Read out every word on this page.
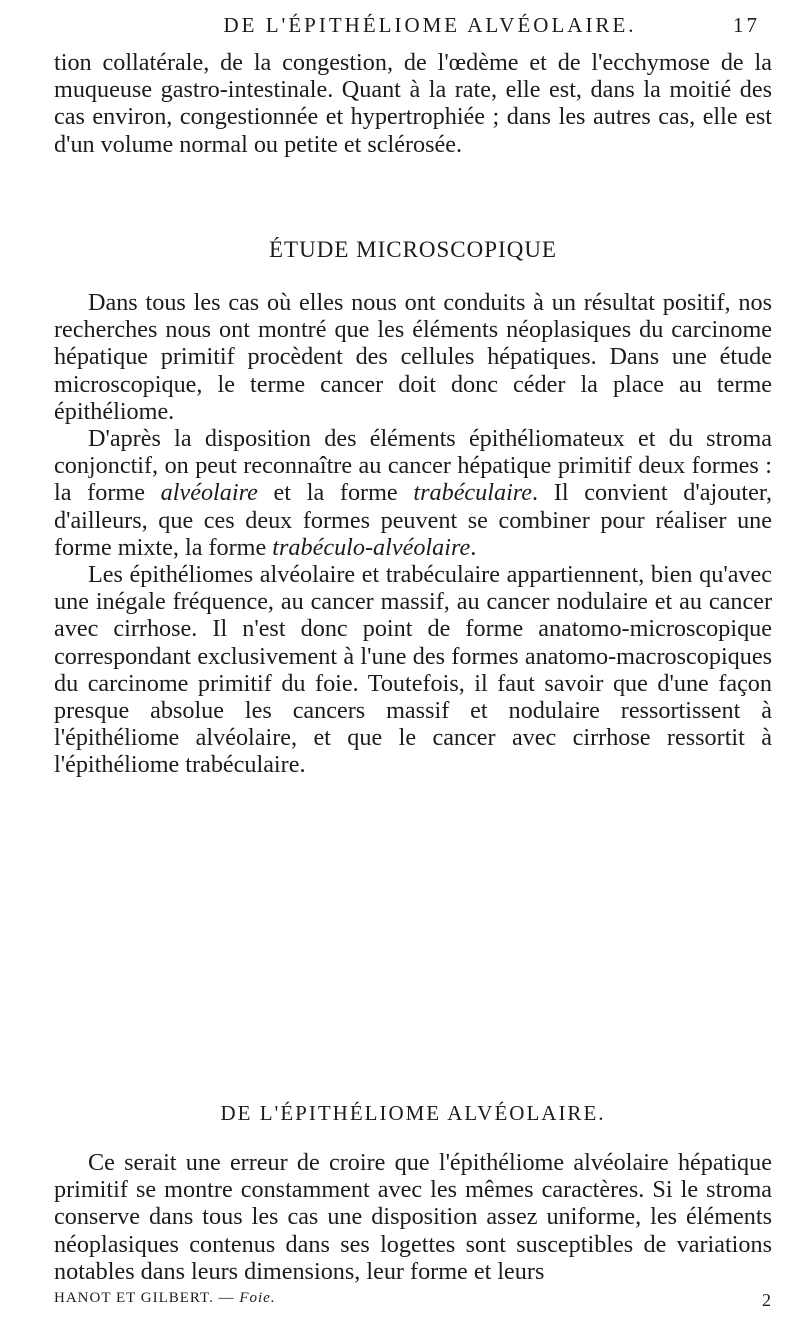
DE L'ÉPITHÉLIOME ALVÉOLAIRE.	17

tion collatérale, de la congestion, de l'œdème et de l'ecchymose de la muqueuse gastro-intestinale. Quant à la rate, elle est, dans la moitié des cas environ, congestionnée et hypertrophiée ; dans les autres cas, elle est d'un volume normal ou petite et sclérosée.

ÉTUDE MICROSCOPIQUE

Dans tous les cas où elles nous ont conduits à un résultat positif, nos recherches nous ont montré que les éléments néoplasiques du carcinome hépatique primitif procèdent des cellules hépatiques. Dans une étude microscopique, le terme cancer doit donc céder la place au terme épithéliome.

D'après la disposition des éléments épithéliomateux et du stroma conjonctif, on peut reconnaître au cancer hépatique primitif deux formes : la forme alvéolaire et la forme trabéculaire. Il convient d'ajouter, d'ailleurs, que ces deux formes peuvent se combiner pour réaliser une forme mixte, la forme trabéculo-alvéolaire.

Les épithéliomes alvéolaire et trabéculaire appartiennent, bien qu'avec une inégale fréquence, au cancer massif, au cancer nodulaire et au cancer avec cirrhose. Il n'est donc point de forme anatomo-microscopique correspondant exclusivement à l'une des formes anatomo-macroscopiques du carcinome primitif du foie. Toutefois, il faut savoir que d'une façon presque absolue les cancers massif et nodulaire ressortissent à l'épithéliome alvéolaire, et que le cancer avec cirrhose ressortit à l'épithéliome trabéculaire.

DE L'ÉPITHÉLIOME ALVÉOLAIRE.

Ce serait une erreur de croire que l'épithéliome alvéolaire hépatique primitif se montre constamment avec les mêmes caractères. Si le stroma conserve dans tous les cas une disposition assez uniforme, les éléments néoplasiques contenus dans ses logettes sont susceptibles de variations notables dans leurs dimensions, leur forme et leurs

HANOT ET GILBERT. — Foie.	2
